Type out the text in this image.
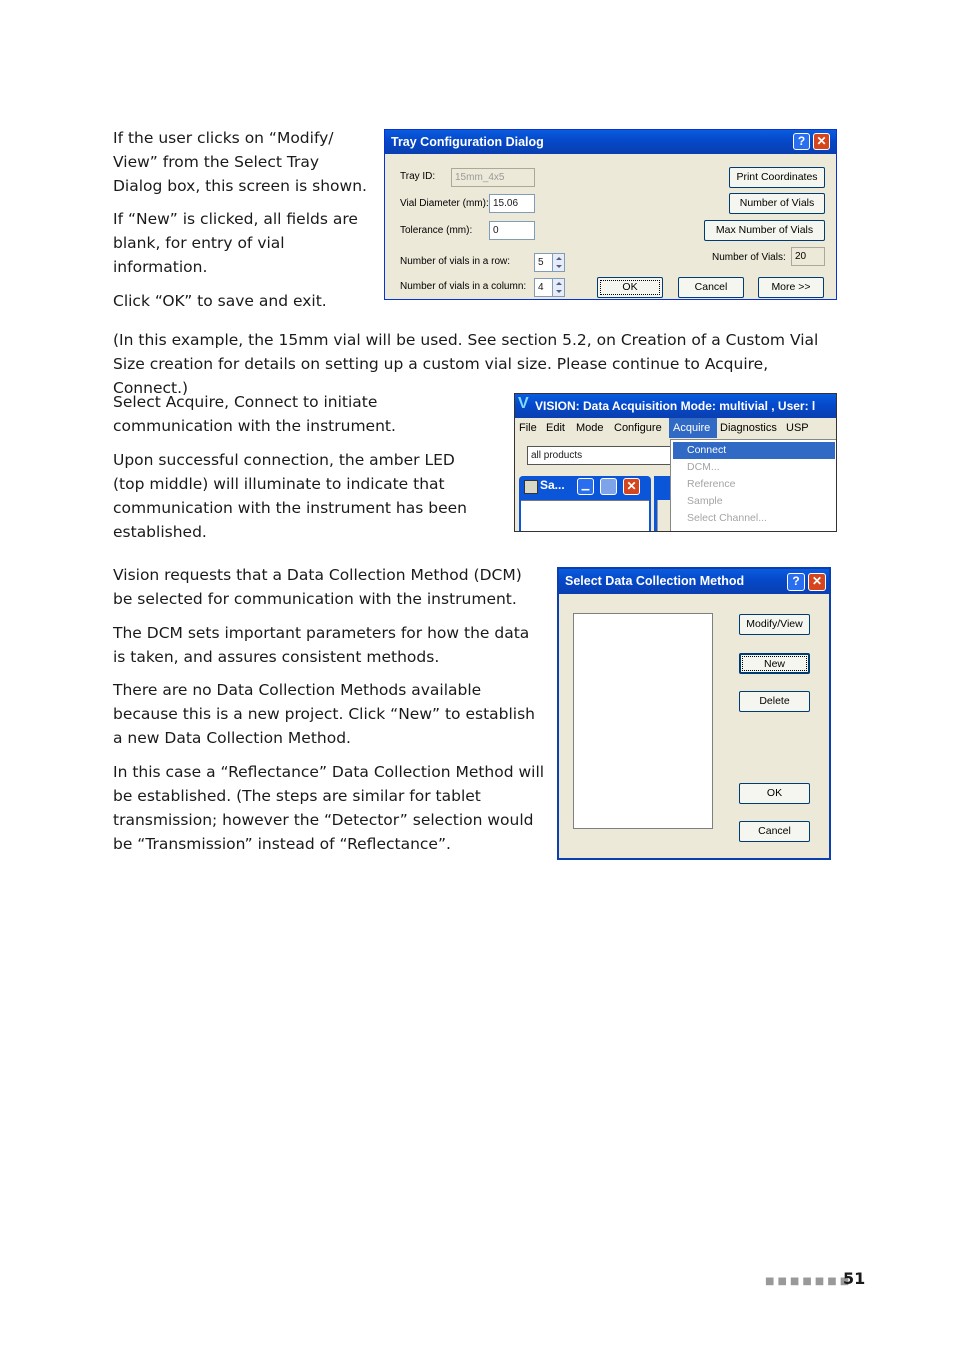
If the user clicks on “Modify/ View” from the Select Tray Dialog box, this screen is shown.

If “New” is clicked, all fields are blank, for entry of vial information.

Click “OK” to save and exit.

Tray Configuration Dialog	? ✕
Tray ID:	15mm_4x5
Vial Diameter (mm): 15.06
Tolerance (mm):	0
Number of vials in a row:	5
Number of vials in a column:	4
Print Coordinates
Number of Vials
Max Number of Vials
Number of Vials: 20
OK	Cancel	More >>

(In this example, the 15mm vial will be used. See section 5.2, on Creation of a Custom Vial Size creation for details on setting up a custom vial size. Please continue to Acquire, Connect.)

Select Acquire, Connect to initiate communication with the instrument.

Upon successful connection, the amber LED (top middle) will illuminate to indicate that communication with the instrument has been established.

V VISION: Data Acquisition Mode: multivial , User: l
File Edit Mode Configure	Acquire Diagnostics USP
all products
Sa...	▁	✕
Connect
DCM...
Reference
Sample
Select Channel...

Vision requests that a Data Collection Method (DCM) be selected for communication with the instrument.

The DCM sets important parameters for how the data is taken, and assures consistent methods.

There are no Data Collection Methods available because this is a new project. Click “New” to establish a new Data Collection Method.

In this case a “Reflectance” Data Collection Method will be established. (The steps are similar for tablet transmission; however the “Detector” selection would be “Transmission” instead of “Reflectance”.

Select Data Collection Method	?	✕
Modify/View
New
Delete
OK
Cancel
■■■■■■■
51
